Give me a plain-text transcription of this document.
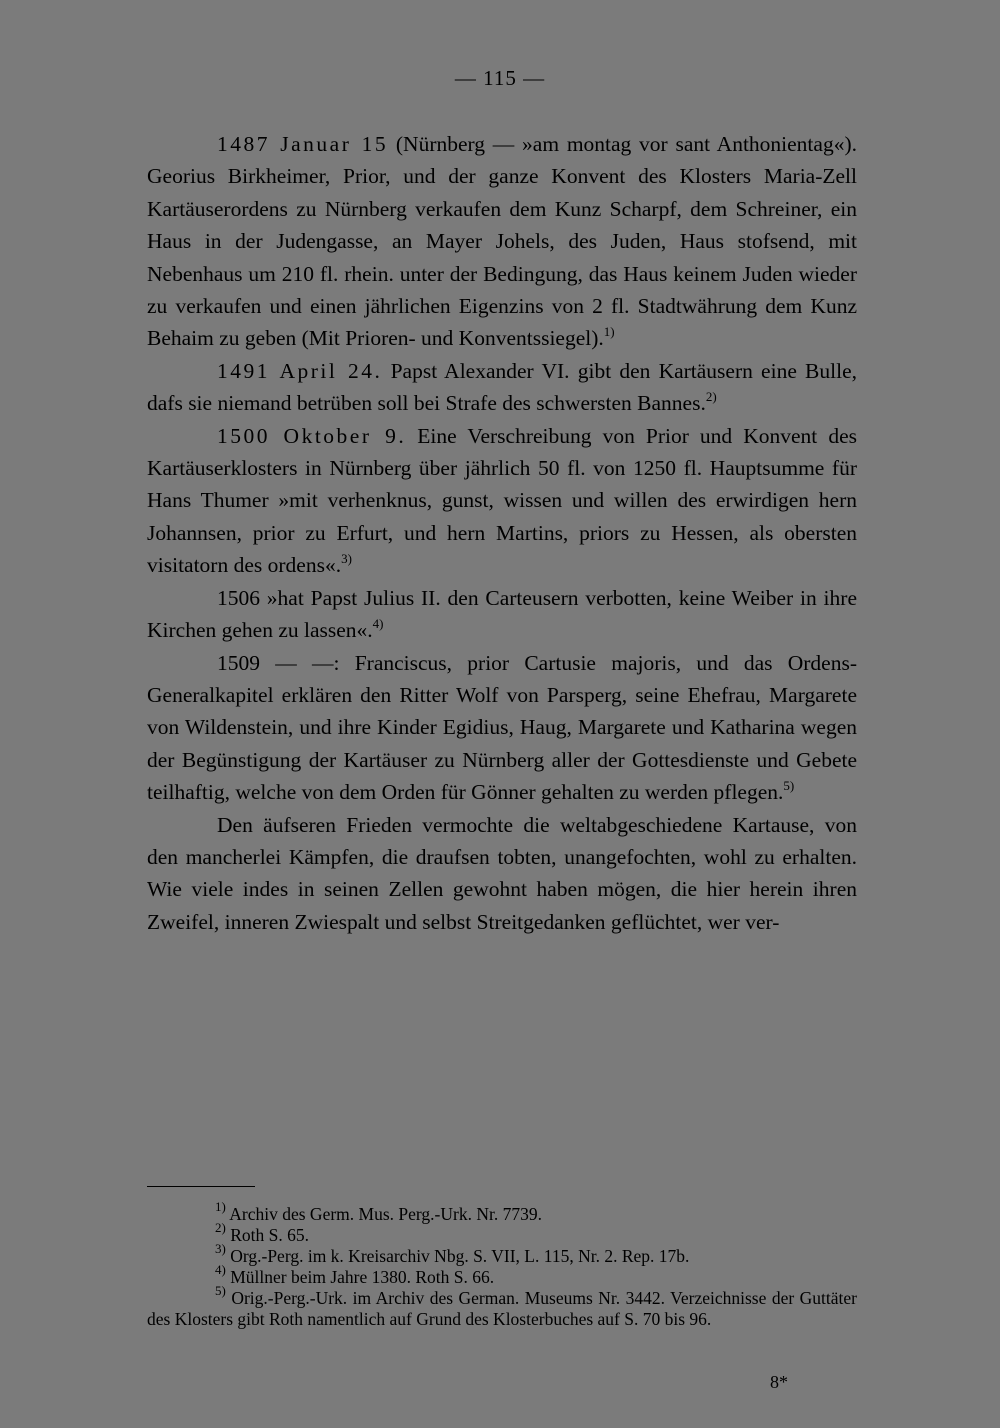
— 115 —

1487 Januar 15 (Nürnberg — »am montag vor sant Anthonientag«). Georius Birkheimer, Prior, und der ganze Konvent des Klosters Maria-Zell Kartäuserordens zu Nürnberg verkaufen dem Kunz Scharpf, dem Schreiner, ein Haus in der Judengasse, an Mayer Johels, des Juden, Haus stofsend, mit Nebenhaus um 210 fl. rhein. unter der Bedingung, das Haus keinem Juden wieder zu verkaufen und einen jährlichen Eigenzins von 2 fl. Stadtwährung dem Kunz Behaim zu geben (Mit Prioren- und Konventssiegel).$^{1)}$

1491 April 24. Papst Alexander VI. gibt den Kartäusern eine Bulle, dafs sie niemand betrüben soll bei Strafe des schwersten Bannes.$^{2)}$

1500 Oktober 9. Eine Verschreibung von Prior und Konvent des Kartäuserklosters in Nürnberg über jährlich 50 fl. von 1250 fl. Hauptsumme für Hans Thumer »mit verhenknus, gunst, wissen und willen des erwirdigen hern Johannsen, prior zu Erfurt, und hern Martins, priors zu Hessen, als obersten visitatorn des ordens«.$^{3)}$

1506 »hat Papst Julius II. den Carteusern verbotten, keine Weiber in ihre Kirchen gehen zu lassen«.$^{4)}$

1509 — —: Franciscus, prior Cartusie majoris, und das Ordens-Generalkapitel erklären den Ritter Wolf von Parsperg, seine Ehefrau, Margarete von Wildenstein, und ihre Kinder Egidius, Haug, Margarete und Katharina wegen der Begünstigung der Kartäuser zu Nürnberg aller der Gottesdienste und Gebete teilhaftig, welche von dem Orden für Gönner gehalten zu werden pflegen.$^{5)}$

Den äufseren Frieden vermochte die weltabgeschiedene Kartause, von den mancherlei Kämpfen, die draufsen tobten, unangefochten, wohl zu erhalten. Wie viele indes in seinen Zellen gewohnt haben mögen, die hier herein ihren Zweifel, inneren Zwiespalt und selbst Streitgedanken geflüchtet, wer ver-

$^{1)}$ Archiv des Germ. Mus. Perg.-Urk. Nr. 7739.

$^{2)}$ Roth S. 65.

$^{3)}$ Org.-Perg. im k. Kreisarchiv Nbg. S. VII, L. 115, Nr. 2. Rep. 17b.

$^{4)}$ Müllner beim Jahre 1380. Roth S. 66.

$^{5)}$ Orig.-Perg.-Urk. im Archiv des German. Museums Nr. 3442. Verzeichnisse der Guttäter des Klosters gibt Roth namentlich auf Grund des Klosterbuches auf S. 70 bis 96.

8*
